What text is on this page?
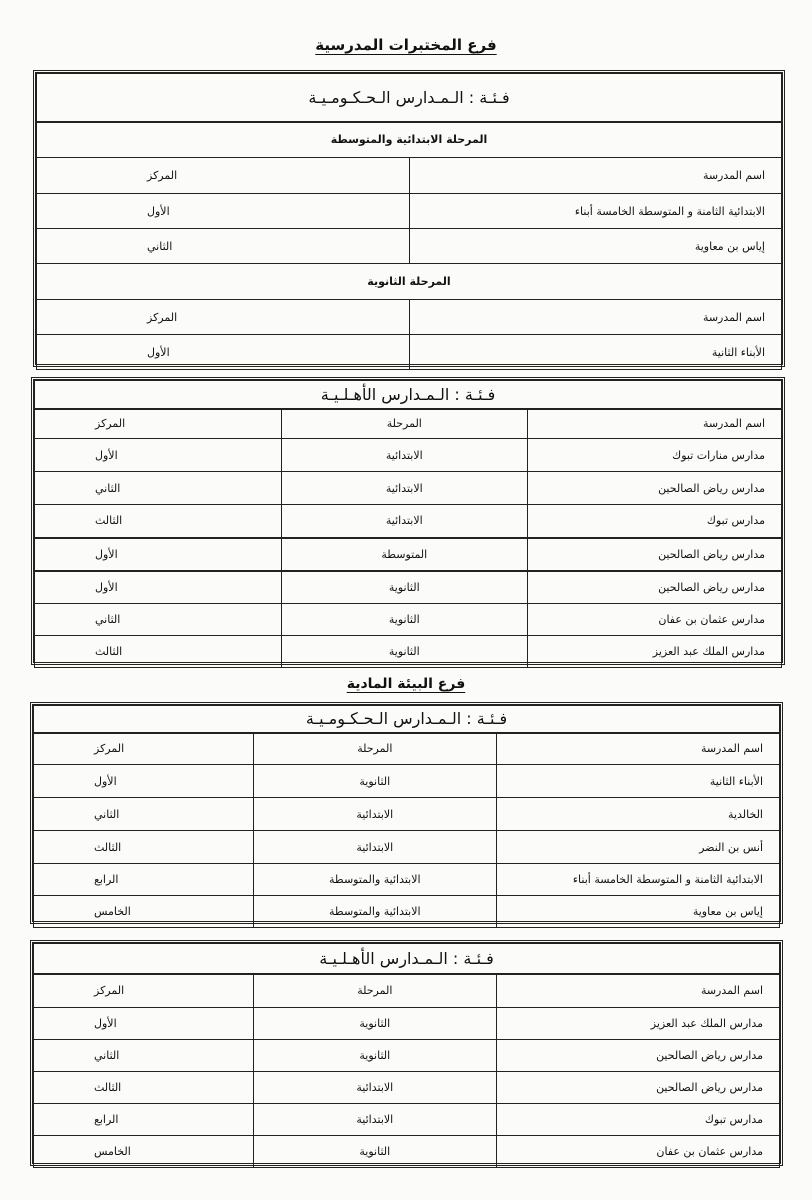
فرع المختبرات المدرسية
فـئـة : الـمـدارس الـحـكـومـيـة	
المرحلة الابتدائية والمتوسطة	
اسم المدرسة	المركز
الابتدائية الثامنة و المتوسطة الخامسة أبناء	الأول
إياس بن معاوية	الثاني
المرحلة الثانوية	
اسم المدرسة	المركز
الأبناء الثانية	الأول
فـئـة : الـمـدارس الأهـلـيـة		
اسم المدرسة	المرحلة	المركز
مدارس منارات تبوك	الابتدائية	الأول
مدارس رياض الصالحين	الابتدائية	الثاني
مدارس تبوك	الابتدائية	الثالث
مدارس رياض الصالحين	المتوسطة	الأول
مدارس رياض الصالحين	الثانوية	الأول
مدارس عثمان بن عفان	الثانوية	الثاني
مدارس الملك عبد العزيز	الثانوية	الثالث
فرع البيئة المادية
فـئـة : الـمـدارس الـحـكـومـيـة		
اسم المدرسة	المرحلة	المركز
الأبناء الثانية	الثانوية	الأول
الخالدية	الابتدائية	الثاني
أنس بن النضر	الابتدائية	الثالث
الابتدائية الثامنة و المتوسطة الخامسة أبناء	الابتدائية والمتوسطة	الرابع
إياس بن معاوية	الابتدائية والمتوسطة	الخامس
فـئـة : الـمـدارس الأهـلـيـة		
اسم المدرسة	المرحلة	المركز
مدارس الملك عبد العزيز	الثانوية	الأول
مدارس رياض الصالحين	الثانوية	الثاني
مدارس رياض الصالحين	الابتدائية	الثالث
مدارس تبوك	الابتدائية	الرابع
مدارس عثمان بن عفان	الثانوية	الخامس
